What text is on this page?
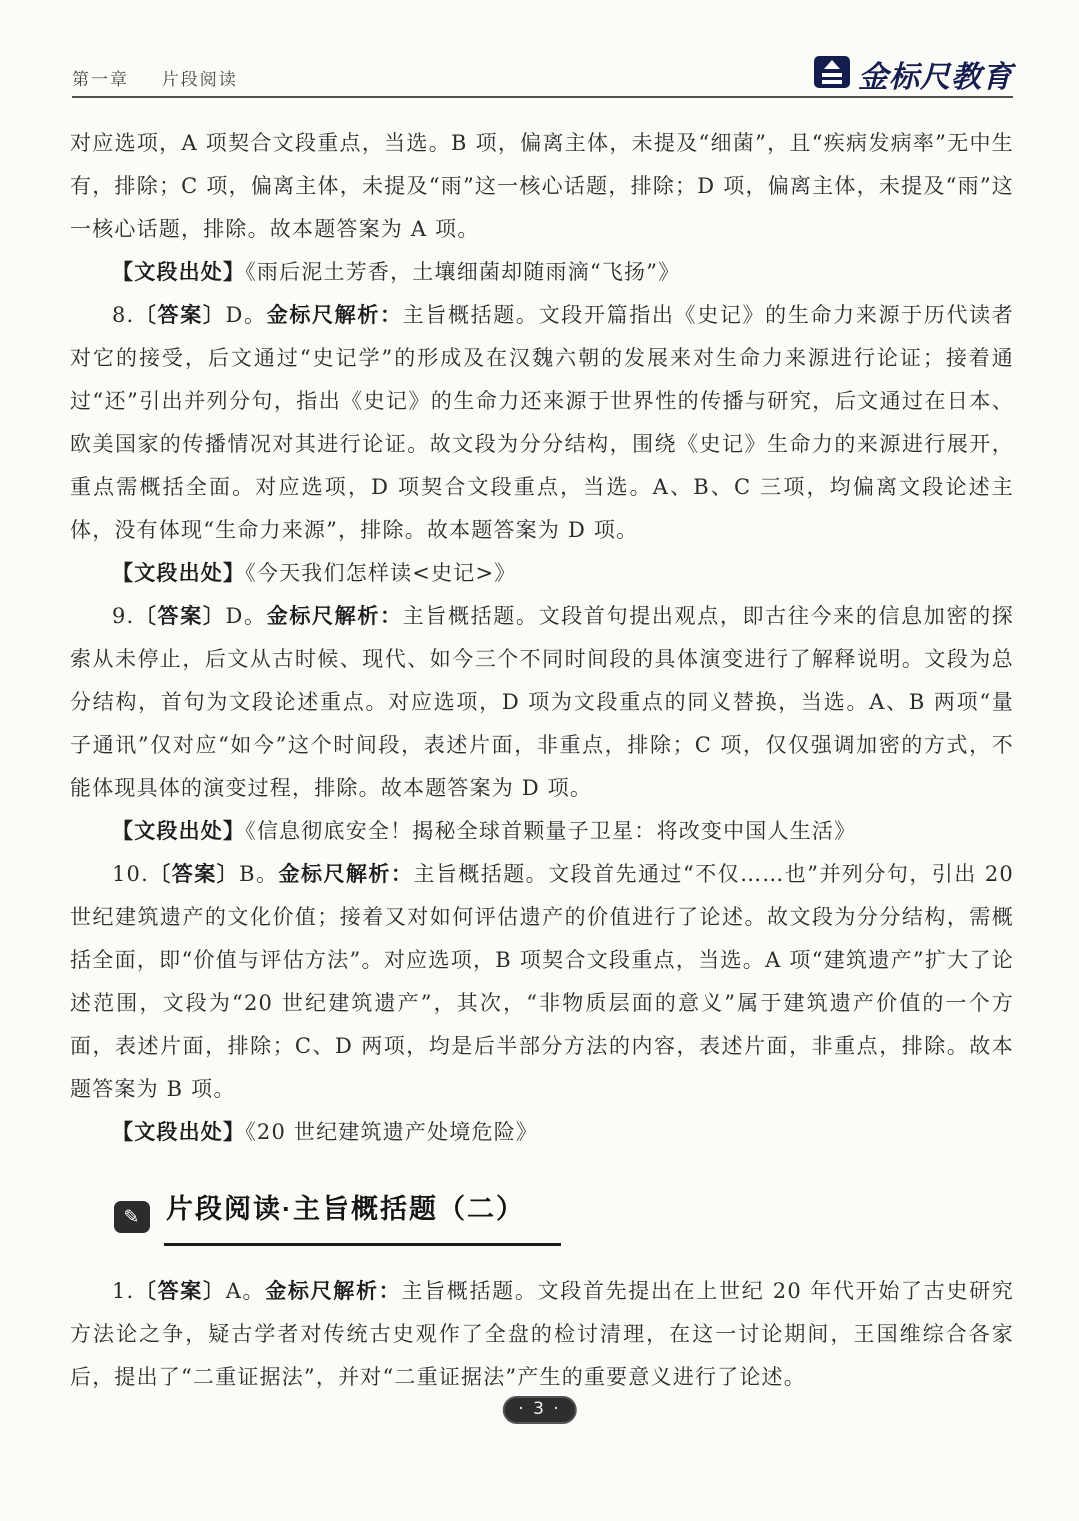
第一章 片段阅读	金标尺教育

对应选项，A 项契合文段重点，当选。B 项，偏离主体，未提及“细菌”，且“疾病发病率”无中生有，排除；C 项，偏离主体，未提及“雨”这一核心话题，排除；D 项，偏离主体，未提及“雨”这一核心话题，排除。故本题答案为 A 项。

【文段出处】《雨后泥土芳香，土壤细菌却随雨滴“飞扬”》

8.〔答案〕D。金标尺解析：主旨概括题。文段开篇指出《史记》的生命力来源于历代读者对它的接受，后文通过“史记学”的形成及在汉魏六朝的发展来对生命力来源进行论证；接着通过“还”引出并列分句，指出《史记》的生命力还来源于世界性的传播与研究，后文通过在日本、欧美国家的传播情况对其进行论证。故文段为分分结构，围绕《史记》生命力的来源进行展开，重点需概括全面。对应选项，D 项契合文段重点，当选。A、B、C 三项，均偏离文段论述主体，没有体现“生命力来源”，排除。故本题答案为 D 项。

【文段出处】《今天我们怎样读<史记>》

9.〔答案〕D。金标尺解析：主旨概括题。文段首句提出观点，即古往今来的信息加密的探索从未停止，后文从古时候、现代、如今三个不同时间段的具体演变进行了解释说明。文段为总分结构，首句为文段论述重点。对应选项，D 项为文段重点的同义替换，当选。A、B 两项“量子通讯”仅对应“如今”这个时间段，表述片面，非重点，排除；C 项，仅仅强调加密的方式，不能体现具体的演变过程，排除。故本题答案为 D 项。

【文段出处】《信息彻底安全！揭秘全球首颗量子卫星：将改变中国人生活》

10.〔答案〕B。金标尺解析：主旨概括题。文段首先通过“不仅……也”并列分句，引出 20 世纪建筑遗产的文化价值；接着又对如何评估遗产的价值进行了论述。故文段为分分结构，需概括全面，即“价值与评估方法”。对应选项，B 项契合文段重点，当选。A 项“建筑遗产”扩大了论述范围，文段为“20 世纪建筑遗产”，其次，“非物质层面的意义”属于建筑遗产价值的一个方面，表述片面，排除；C、D 两项，均是后半部分方法的内容，表述片面，非重点，排除。故本题答案为 B 项。

【文段出处】《20 世纪建筑遗产处境危险》

✎ 片段阅读·主旨概括题（二）

1.〔答案〕A。金标尺解析：主旨概括题。文段首先提出在上世纪 20 年代开始了古史研究方法论之争，疑古学者对传统古史观作了全盘的检讨清理，在这一讨论期间，王国维综合各家后，提出了“二重证据法”，并对“二重证据法”产生的重要意义进行了论述。

· 3 ·
